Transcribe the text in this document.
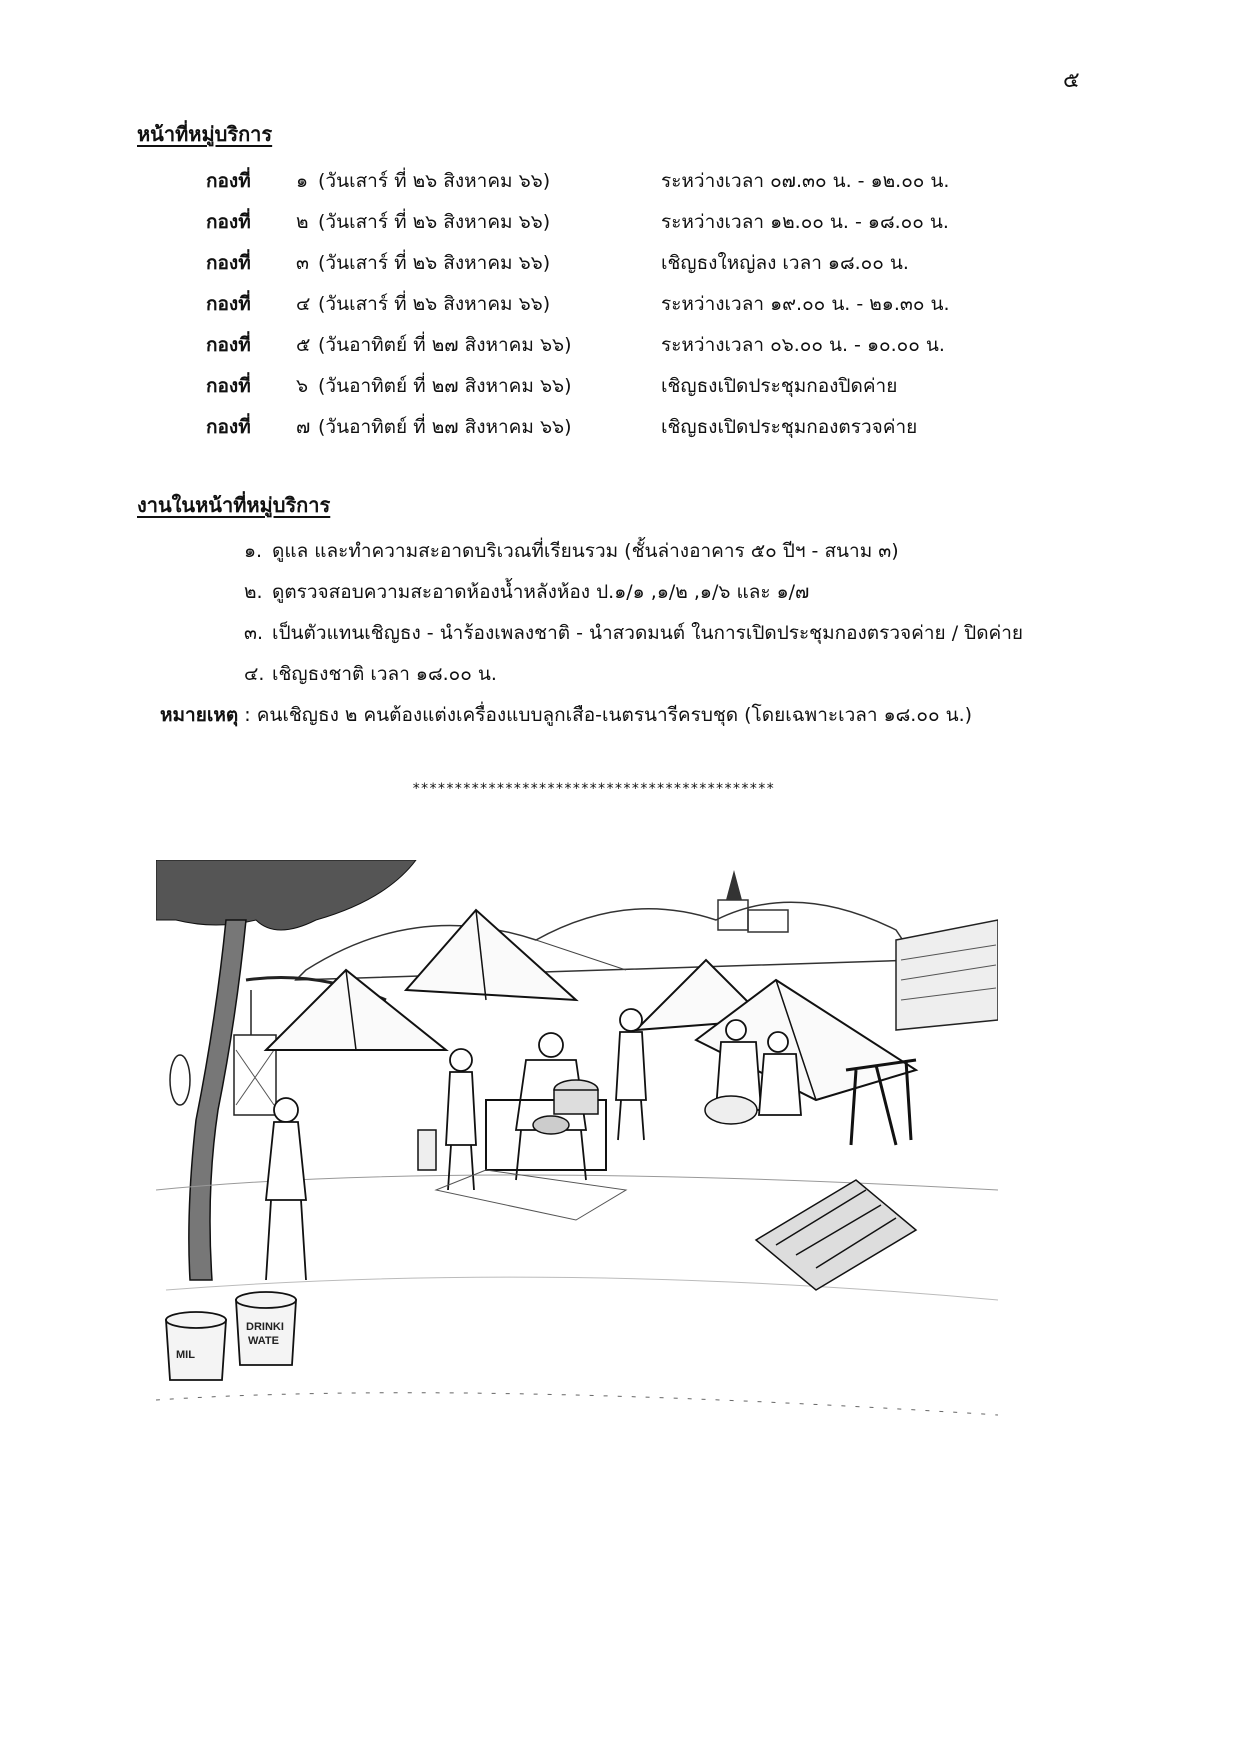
๕
หน้าที่หมู่บริการ
กองที่	๑ (วันเสาร์ ที่ ๒๖ สิงหาคม ๖๖)	ระหว่างเวลา ๐๗.๓๐ น. - ๑๒.๐๐ น.
กองที่	๒ (วันเสาร์ ที่ ๒๖ สิงหาคม ๖๖)	ระหว่างเวลา ๑๒.๐๐ น. - ๑๘.๐๐ น.
กองที่	๓ (วันเสาร์ ที่ ๒๖ สิงหาคม ๖๖)	เชิญธงใหญ่ลง เวลา ๑๘.๐๐ น.
กองที่	๔ (วันเสาร์ ที่ ๒๖ สิงหาคม ๖๖)	ระหว่างเวลา ๑๙.๐๐ น. - ๒๑.๓๐ น.
กองที่	๕ (วันอาทิตย์ ที่ ๒๗ สิงหาคม ๖๖)	ระหว่างเวลา ๐๖.๐๐ น. - ๑๐.๐๐ น.
กองที่	๖ (วันอาทิตย์ ที่ ๒๗ สิงหาคม ๖๖)	เชิญธงเปิดประชุมกองปิดค่าย
กองที่	๗ (วันอาทิตย์ ที่ ๒๗ สิงหาคม ๖๖)	เชิญธงเปิดประชุมกองตรวจค่าย
งานในหน้าที่หมู่บริการ
๑. ดูแล และทำความสะอาดบริเวณที่เรียนรวม (ชั้นล่างอาคาร ๕๐ ปีฯ - สนาม ๓)
๒. ดูตรวจสอบความสะอาดห้องน้ำหลังห้อง ป.๑/๑ ,๑/๒ ,๑/๖ และ ๑/๗
๓. เป็นตัวแทนเชิญธง - นำร้องเพลงชาติ - นำสวดมนต์ ในการเปิดประชุมกองตรวจค่าย / ปิดค่าย
๔. เชิญธงชาติ เวลา ๑๘.๐๐ น.
หมายเหตุ : คนเชิญธง ๒ คนต้องแต่งเครื่องแบบลูกเสือ-เนตรนารีครบชุด (โดยเฉพาะเวลา ๑๘.๐๐ น.)
*******************************************
MIL
DRINKI
WATE
